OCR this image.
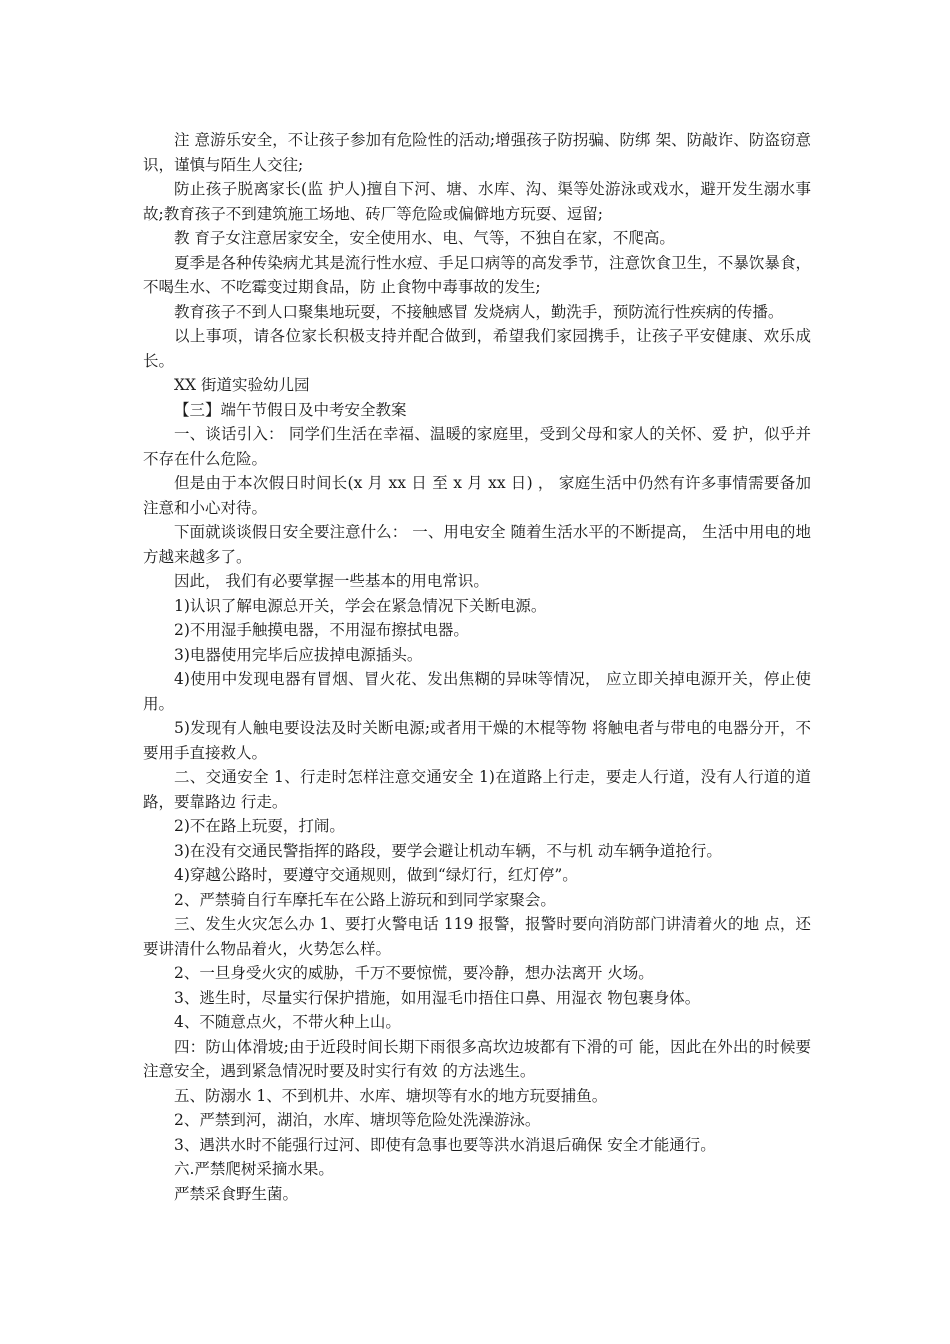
注 意游乐安全，不让孩子参加有危险性的活动;增强孩子防拐骗、防绑 架、防敲诈、防盗窃意识，谨慎与陌生人交往;

防止孩子脱离家长(监 护人)擅自下河、塘、水库、沟、渠等处游泳或戏水，避开发生溺水事故;教育孩子不到建筑施工场地、砖厂等危险或偏僻地方玩耍、逗留;

教 育子女注意居家安全，安全使用水、电、气等，不独自在家，不爬高。

夏季是各种传染病尤其是流行性水痘、手足口病等的高发季节，注意饮食卫生，不暴饮暴食，不喝生水、不吃霉变过期食品，防 止食物中毒事故的发生;

教育孩子不到人口聚集地玩耍，不接触感冒 发烧病人，勤洗手，预防流行性疾病的传播。

以上事项，请各位家长积极支持并配合做到，希望我们家园携手，让孩子平安健康、欢乐成长。

XX 街道实验幼儿园

【三】端午节假日及中考安全教案

一、谈话引入： 同学们生活在幸福、温暖的家庭里，受到父母和家人的关怀、爱 护，似乎并不存在什么危险。

但是由于本次假日时间长(x 月 xx 日 至 x 月 xx 日) ， 家庭生活中仍然有许多事情需要备加注意和小心对待。

下面就谈谈假日安全要注意什么： 一、用电安全 随着生活水平的不断提高， 生活中用电的地方越来越多了。

因此， 我们有必要掌握一些基本的用电常识。

1)认识了解电源总开关，学会在紧急情况下关断电源。

2)不用湿手触摸电器，不用湿布擦拭电器。

3)电器使用完毕后应拔掉电源插头。

4)使用中发现电器有冒烟、冒火花、发出焦糊的异味等情况， 应立即关掉电源开关，停止使用。

5)发现有人触电要设法及时关断电源;或者用干燥的木棍等物 将触电者与带电的电器分开，不要用手直接救人。

二、交通安全 1、行走时怎样注意交通安全 1)在道路上行走，要走人行道，没有人行道的道路，要靠路边 行走。

2)不在路上玩耍，打闹。

3)在没有交通民警指挥的路段，要学会避让机动车辆，不与机 动车辆争道抢行。

4)穿越公路时，要遵守交通规则，做到“绿灯行，红灯停”。

2、严禁骑自行车摩托车在公路上游玩和到同学家聚会。

三、发生火灾怎么办 1、要打火警电话 119 报警，报警时要向消防部门讲清着火的地 点，还要讲清什么物品着火，火势怎么样。

2、一旦身受火灾的威胁，千万不要惊慌，要冷静，想办法离开 火场。

3、逃生时，尽量实行保护措施，如用湿毛巾捂住口鼻、用湿衣 物包裹身体。

4、不随意点火，不带火种上山。

四：防山体滑坡;由于近段时间长期下雨很多高坎边坡都有下滑的可 能，因此在外出的时候要注意安全，遇到紧急情况时要及时实行有效 的方法逃生。

五、防溺水 1、不到机井、水库、塘坝等有水的地方玩耍捕鱼。

2、严禁到河，湖泊，水库、塘坝等危险处洗澡游泳。

3、遇洪水时不能强行过河、即使有急事也要等洪水消退后确保 安全才能通行。

六.严禁爬树采摘水果。

严禁采食野生菌。
